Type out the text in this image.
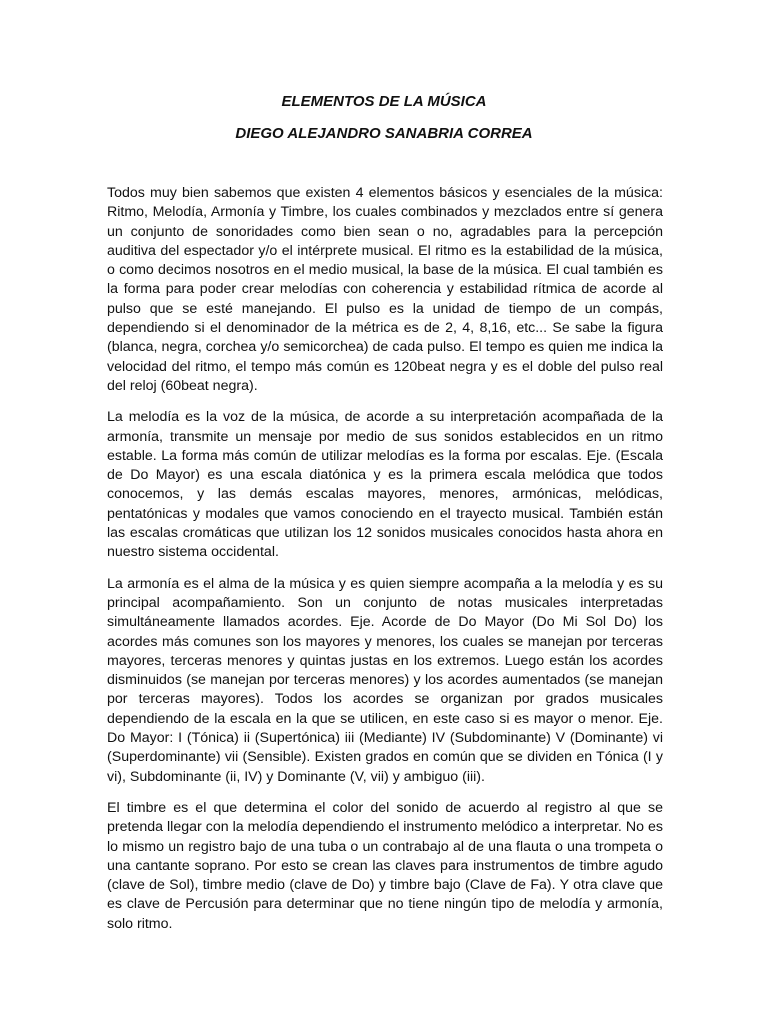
ELEMENTOS DE LA MÚSICA
DIEGO ALEJANDRO SANABRIA CORREA

Todos muy bien sabemos que existen 4 elementos básicos y esenciales de la música: Ritmo, Melodía, Armonía y Timbre, los cuales combinados y mezclados entre sí genera un conjunto de sonoridades como bien sean o no, agradables para la percepción auditiva del espectador y/o el intérprete musical. El ritmo es la estabilidad de la música, o como decimos nosotros en el medio musical, la base de la música. El cual también es la forma para poder crear melodías con coherencia y estabilidad rítmica de acorde al pulso que se esté manejando. El pulso es la unidad de tiempo de un compás, dependiendo si el denominador de la métrica es de 2, 4, 8,16, etc... Se sabe la figura (blanca, negra, corchea y/o semicorchea) de cada pulso. El tempo es quien me indica la velocidad del ritmo, el tempo más común es 120beat negra y es el doble del pulso real del reloj (60beat negra).

La melodía es la voz de la música, de acorde a su interpretación acompañada de la armonía, transmite un mensaje por medio de sus sonidos establecidos en un ritmo estable. La forma más común de utilizar melodías es la forma por escalas. Eje. (Escala de Do Mayor) es una escala diatónica y es la primera escala melódica que todos conocemos, y las demás escalas mayores, menores, armónicas, melódicas, pentatónicas y modales que vamos conociendo en el trayecto musical. También están las escalas cromáticas que utilizan los 12 sonidos musicales conocidos hasta ahora en nuestro sistema occidental.

La armonía es el alma de la música y es quien siempre acompaña a la melodía y es su principal acompañamiento. Son un conjunto de notas musicales interpretadas simultáneamente llamados acordes. Eje. Acorde de Do Mayor (Do Mi Sol Do) los acordes más comunes son los mayores y menores, los cuales se manejan por terceras mayores, terceras menores y quintas justas en los extremos. Luego están los acordes disminuidos (se manejan por terceras menores) y los acordes aumentados (se manejan por terceras mayores). Todos los acordes se organizan por grados musicales dependiendo de la escala en la que se utilicen, en este caso si es mayor o menor. Eje. Do Mayor: I (Tónica) ii (Supertónica) iii (Mediante) IV (Subdominante) V (Dominante) vi (Superdominante) vii (Sensible). Existen grados en común que se dividen en Tónica (I y vi), Subdominante (ii, IV) y Dominante (V, vii) y ambiguo (iii).

El timbre es el que determina el color del sonido de acuerdo al registro al que se pretenda llegar con la melodía dependiendo el instrumento melódico a interpretar. No es lo mismo un registro bajo de una tuba o un contrabajo al de una flauta o una trompeta o una cantante soprano. Por esto se crean las claves para instrumentos de timbre agudo (clave de Sol), timbre medio (clave de Do) y timbre bajo (Clave de Fa). Y otra clave que es clave de Percusión para determinar que no tiene ningún tipo de melodía y armonía, solo ritmo.
